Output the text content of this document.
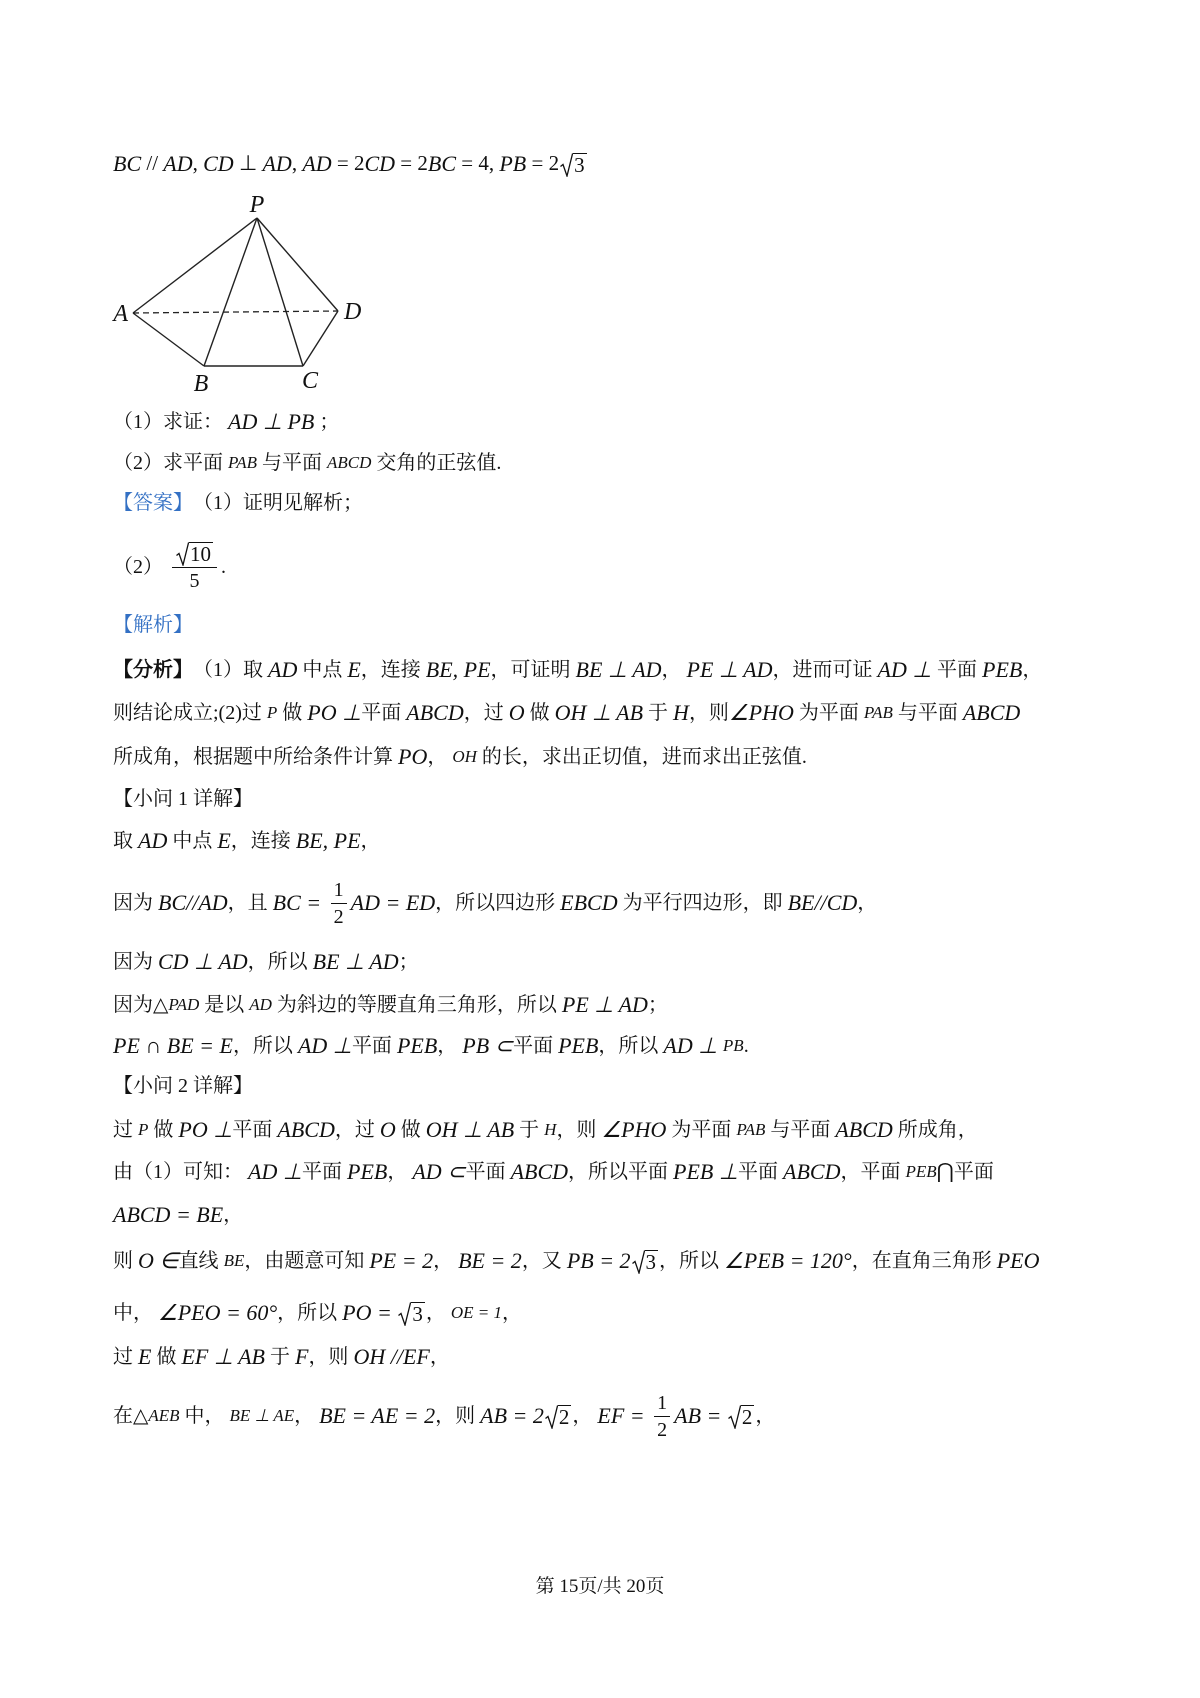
BC // AD , CD ⊥ AD , AD = 2 CD = 2 BC = 4, PB = 2 3
P
A	D
B	C
（1）求证： AD ⊥ PB ；
（2）求平面 PAB 与平面 ABCD 交角的正弦值.
【答案】 （1）证明见解析；
$(2) \frac{10}{5}$ .
【解析】
【分析】 （1）取 AD 中点 E ，连接 BE, PE ，可证明 BE ⊥ AD ， PE ⊥ AD ，进而可证 AD ⊥ 平面 PEB ，
则结论成立;(2)过 P 做 PO ⊥ 平面 ABCD ，过 O 做 OH ⊥ AB 于 H ，则 ∠PHO 为平面 PAB 与平面 ABCD
所成角，根据题中所给条件计算 PO ， OH 的长，求出正切值，进而求出正弦值.
【小问 1 详解】
取 AD 中点 E ，连接 BE, PE ，
因为 BC//AD ，且 BC = $\frac{1}{2}$ AD = ED ，所以四边形 EBCD 为平行四边形，即 BE//CD ，
因为 CD ⊥ AD ，所以 BE ⊥ AD ；
因为△ PAD 是以 AD 为斜边的等腰直角三角形，所以 PE ⊥ AD ；
PE ∩ BE = E ，所以 AD ⊥ 平面 PEB ， PB ⊂ 平面 PEB ，所以 AD ⊥ PB .
【小问 2 详解】
过 P 做 PO ⊥ 平面 ABCD ，过 O 做 OH ⊥ AB 于 H ，则 ∠PHO 为平面 PAB 与平面 ABCD 所成角，
由（1）可知： AD ⊥ 平面 PEB ， AD ⊂ 平面 ABCD ，所以平面 PEB ⊥ 平面 ABCD ，平面 PEB ⋂ 平面
ABCD = BE ，
则 O ∈ 直线 BE ，由题意可知 PE = 2 ， BE = 2 ，又 PB = 2 3 ，所以 ∠PEB = 120° ，在直角三角形 PEO
中， ∠PEO = 60° ，所以 PO = 3 ， OE = 1 ，
过 E 做 EF ⊥ AB 于 F ，则 OH //EF ，
在△ AEB 中， BE ⊥ AE ， BE = AE = 2 ，则 AB = 2 2 ， EF = $\frac{1}{2}$ AB = 2 ，
第 15页/共 20页
